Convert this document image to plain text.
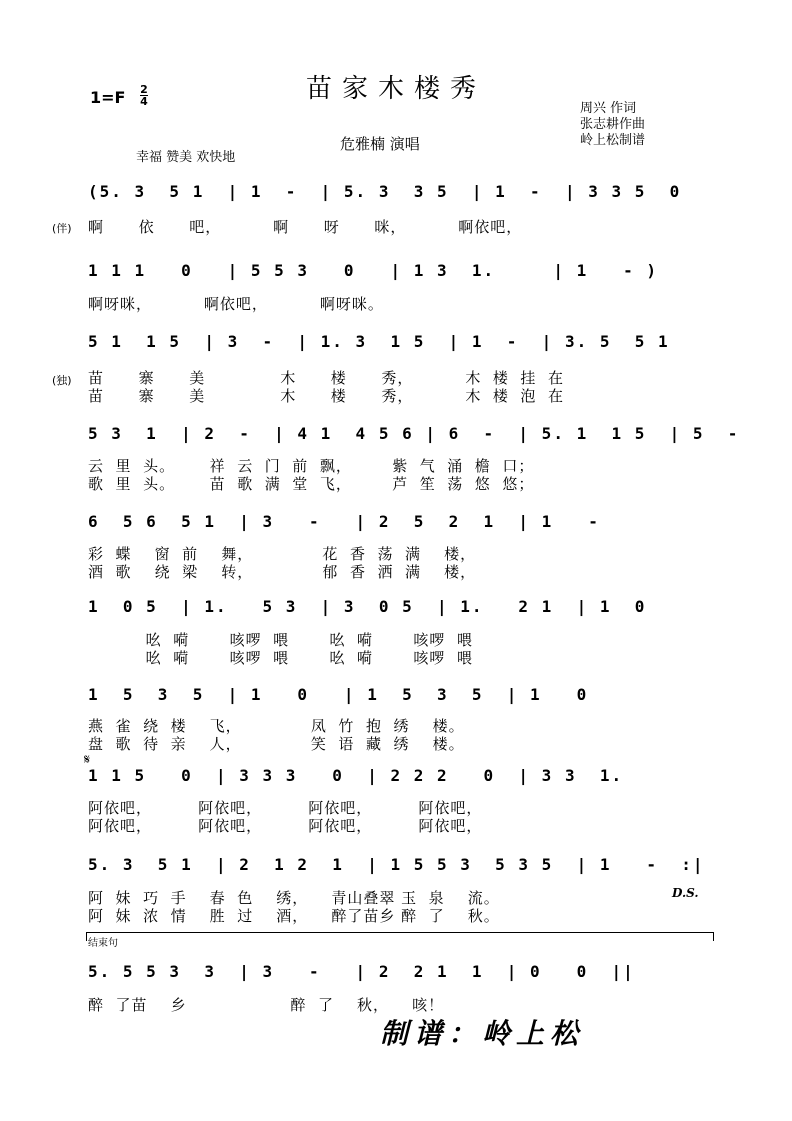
苗家木楼秀
1=F 2
4	周兴 作词
张志耕作曲
岭上松制谱
危雅楠 演唱
幸福 赞美 欢快地
(5. 3  5 1  | 1  -  | 5. 3  3 5  | 1  -  | 3 3 5  0
(伴) 啊      依      吧，         啊      呀      咪，         啊依吧，
1 1 1   0   | 5 5 3   0   | 1 3  1.     | 1   - )
啊呀咪，         啊依吧，         啊呀咪。
5 1  1 5  | 3  -  | 1. 3  1 5  | 1  -  | 3. 5  5 1
(独) 苗      寨      美             木      楼      秀，         木  楼  挂  在
苗      寨      美             木      楼      秀，         木  楼  泡  在
5 3  1  | 2  -  | 4 1  4 5 6 | 6  -  | 5. 1  1 5  | 5  -
云  里  头。      祥  云  门  前  飘，       紫  气  涌  檐  口；
歌  里  头。      苗  歌  满  堂  飞，       芦  笙  荡  悠  悠；
6  5 6  5 1  | 3   -   | 2  5  2  1  | 1   -
彩  蝶    窗  前    舞，            花  香  荡  满    楼，
酒  歌    绕  梁    转，            郁  香  洒  满    楼，
1  0 5  | 1.   5 3  | 3  0 5  | 1.   2 1  | 1  0
吆  嗬       咳啰  喂       吆  嗬       咳啰  喂
吆  嗬       咳啰  喂       吆  嗬       咳啰  喂
1  5  3  5  | 1   0   | 1  5  3  5  | 1   0
燕  雀  绕  楼    飞，            凤  竹  抱  绣    楼。
盘  歌  待  亲    人，            笑  语  藏  绣    楼。
𝄋
1 1 5   0  | 3 3 3   0  | 2 2 2   0  | 3 3  1.
阿依吧，        阿依吧，        阿依吧，        阿依吧，
阿依吧，        阿依吧，        阿依吧，        阿依吧，
5. 3  5 1  | 2  1 2  1  | 1 5 5 3  5 3 5  | 1   -  :|
阿  妹  巧  手    春  色    绣，    青山叠翠 玉  泉    流。
阿  妹  浓  情    胜  过    酒，    醉了苗乡 醉  了    秋。
D.S.
结束句
5. 5 5 3  3  | 3   -   | 2  2 1  1  | 0   0  ||
醉  了苗    乡                  醉  了    秋，    咳！
制谱：岭上松
